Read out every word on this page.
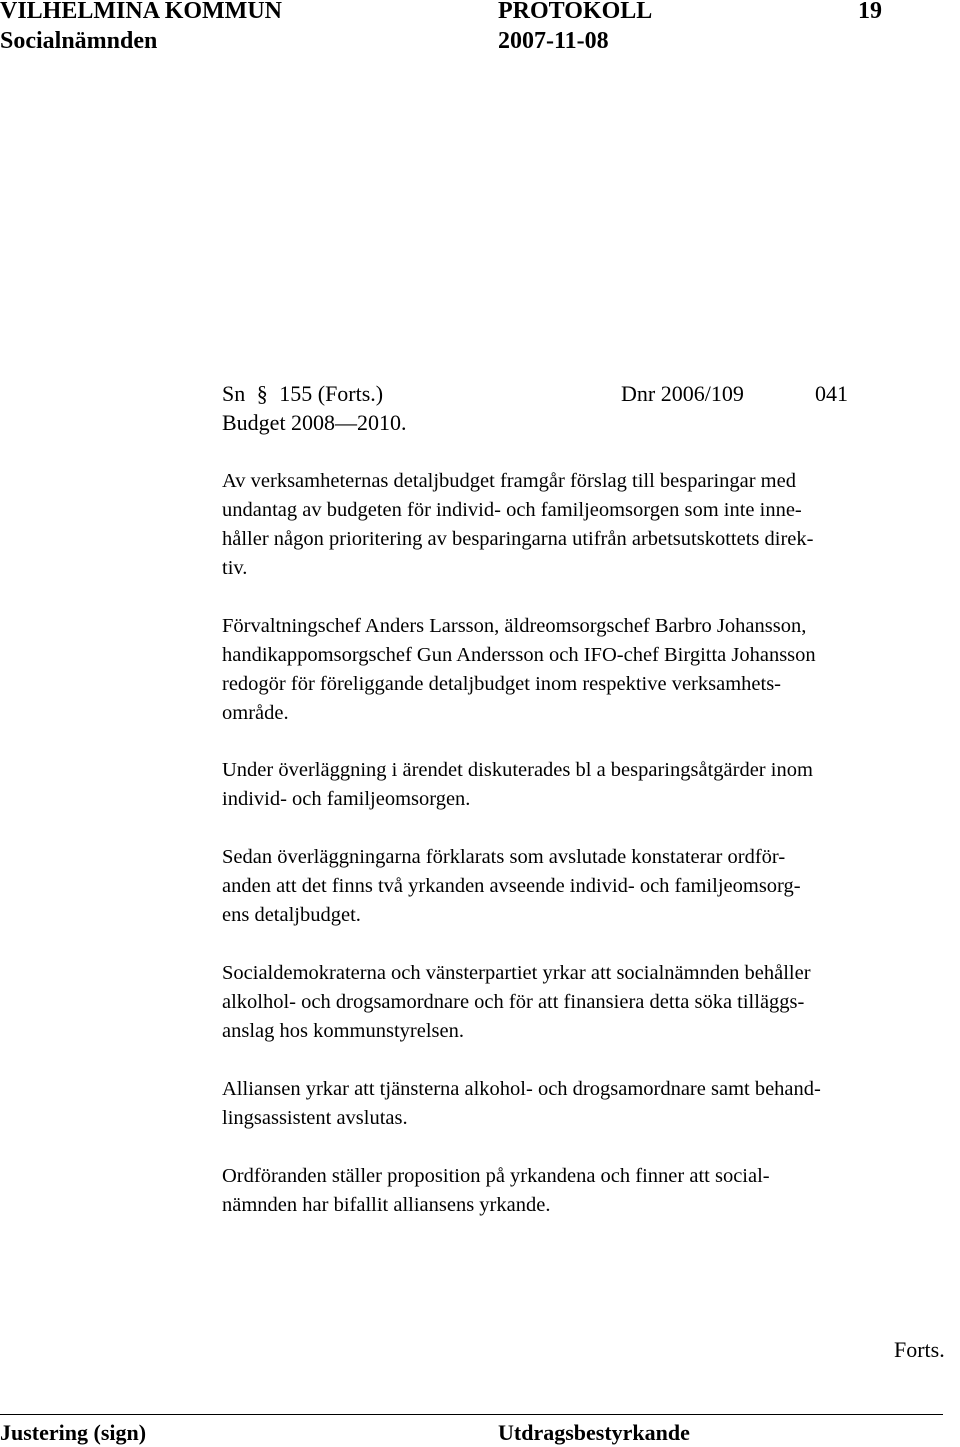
VILHELMINA KOMMUN	PROTOKOLL	19
Socialnämnden	2007-11-08
Sn § 155 (Forts.)	Dnr 2006/109	041
Budget 2008—2010.
Av verksamheternas detaljbudget framgår förslag till besparingar med
undantag av budgeten för individ- och familjeomsorgen som inte inne-
håller någon prioritering av besparingarna utifrån arbetsutskottets direk-
tiv.
Förvaltningschef Anders Larsson, äldreomsorgschef Barbro Johansson,
handikappomsorgschef Gun Andersson och IFO-chef Birgitta Johansson
redogör för föreliggande detaljbudget inom respektive verksamhets-
område.
Under överläggning i ärendet diskuterades bl a besparingsåtgärder inom
individ- och familjeomsorgen.
Sedan överläggningarna förklarats som avslutade konstaterar ordför-
anden att det finns två yrkanden avseende individ- och familjeomsorg-
ens detaljbudget.
Socialdemokraterna och vänsterpartiet yrkar att socialnämnden behåller
alkolhol- och drogsamordnare och för att finansiera detta söka tilläggs-
anslag hos kommunstyrelsen.
Alliansen yrkar att tjänsterna alkohol- och drogsamordnare samt behand-
lingsassistent avslutas.
Ordföranden ställer proposition på yrkandena och finner att social-
nämnden har bifallit alliansens yrkande.
Forts.
Justering (sign)	Utdragsbestyrkande
